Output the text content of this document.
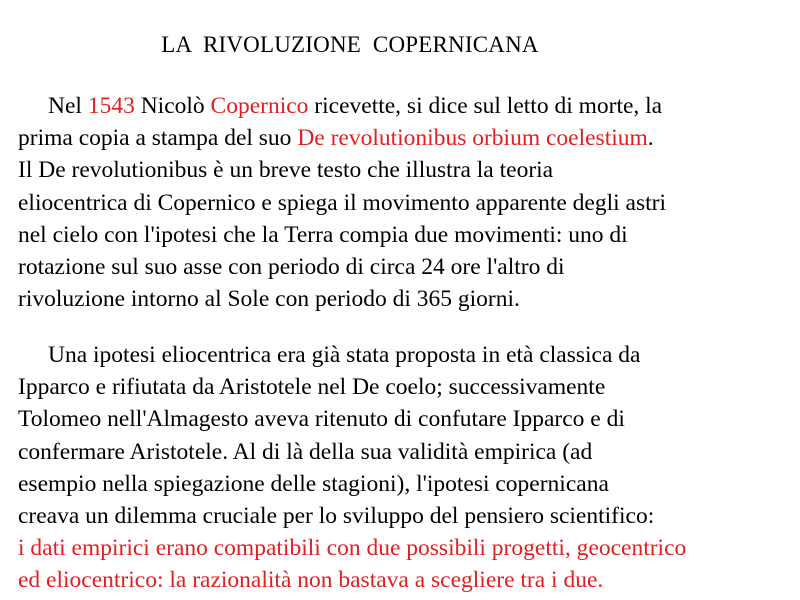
LA  RIVOLUZIONE  COPERNICANA
Nel 1543 Nicolò Copernico ricevette, si dice sul letto di morte, la
prima copia a stampa del suo De revolutionibus orbium coelestium.
Il De revolutionibus è un breve testo che illustra la teoria
eliocentrica di Copernico e spiega il movimento apparente degli astri
nel cielo con l'ipotesi che la Terra compia due movimenti: uno di
rotazione sul suo asse con periodo di circa 24 ore l'altro di
rivoluzione intorno al Sole con periodo di 365 giorni.
Una ipotesi eliocentrica era già stata proposta in età classica da
Ipparco e rifiutata da Aristotele nel De coelo; successivamente
Tolomeo nell'Almagesto aveva ritenuto di confutare Ipparco e di
confermare Aristotele. Al di là della sua validità empirica (ad
esempio nella spiegazione delle stagioni), l'ipotesi copernicana
creava un dilemma cruciale per lo sviluppo del pensiero scientifico:
i dati empirici erano compatibili con due possibili progetti, geocentrico
ed eliocentrico: la razionalità non bastava a scegliere tra i due.
